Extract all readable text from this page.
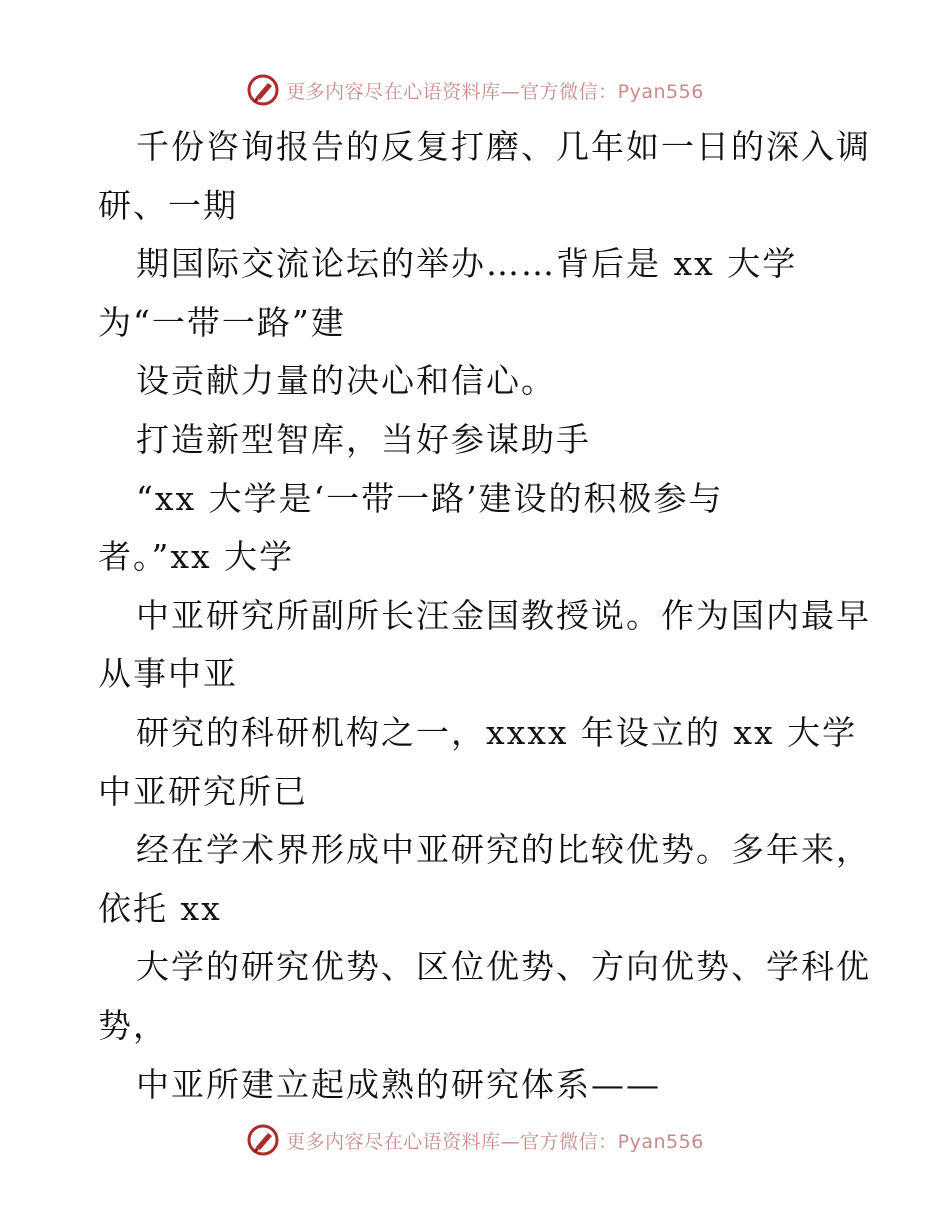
更多内容尽在心语资料库—官方微信：Pyan556
千份咨询报告的反复打磨、几年如一日的深入调
研、一期
期国际交流论坛的举办……背后是 xx 大学
为“一带一路”建
设贡献力量的决心和信心。
打造新型智库，当好参谋助手
“xx 大学是‘一带一路’建设的积极参与
者。”xx 大学
中亚研究所副所长汪金国教授说。作为国内最早
从事中亚
研究的科研机构之一，xxxx 年设立的 xx 大学
中亚研究所已
经在学术界形成中亚研究的比较优势。多年来，
依托 xx
大学的研究优势、区位优势、方向优势、学科优
势，
中亚所建立起成熟的研究体系——
更多内容尽在心语资料库—官方微信：Pyan556
